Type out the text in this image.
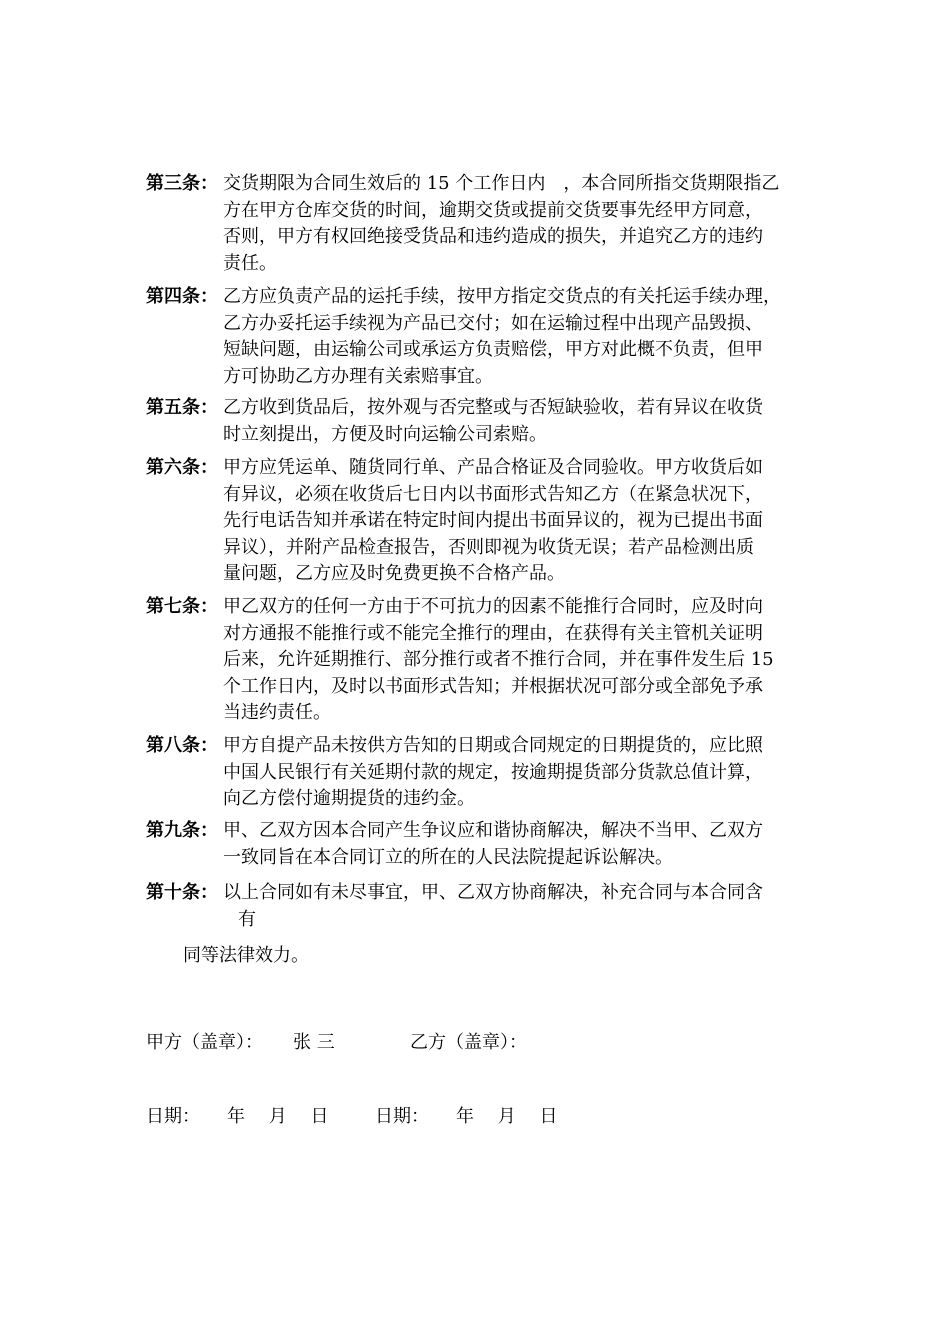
第三条： 交货期限为合同生效后的 15 个工作日内　，本合同所指交货期限指乙
方在甲方仓库交货的时间，逾期交货或提前交货要事先经甲方同意，
否则，甲方有权回绝接受货品和违约造成的损失，并追究乙方的违约
责任。
第四条： 乙方应负责产品的运托手续，按甲方指定交货点的有关托运手续办理，
乙方办妥托运手续视为产品已交付；如在运输过程中出现产品毁损、
短缺问题，由运输公司或承运方负责赔偿，甲方对此概不负责，但甲
方可协助乙方办理有关索赔事宜。
第五条： 乙方收到货品后，按外观与否完整或与否短缺验收，若有异议在收货
时立刻提出，方便及时向运输公司索赔。
第六条： 甲方应凭运单、随货同行单、产品合格证及合同验收。甲方收货后如
有异议，必须在收货后七日内以书面形式告知乙方（在紧急状况下，
先行电话告知并承诺在特定时间内提出书面异议的，视为已提出书面
异议），并附产品检查报告，否则即视为收货无误；若产品检测出质
量问题，乙方应及时免费更换不合格产品。
第七条： 甲乙双方的任何一方由于不可抗力的因素不能推行合同时，应及时向
对方通报不能推行或不能完全推行的理由，在获得有关主管机关证明
后来，允许延期推行、部分推行或者不推行合同，并在事件发生后 15
个工作日内，及时以书面形式告知；并根据状况可部分或全部免予承
当违约责任。
第八条： 甲方自提产品未按供方告知的日期或合同规定的日期提货的，应比照
中国人民银行有关延期付款的规定，按逾期提货部分货款总值计算，
向乙方偿付逾期提货的违约金。
第九条： 甲、乙双方因本合同产生争议应和谐协商解决，解决不当甲、乙双方
一致同旨在本合同订立的所在的人民法院提起诉讼解决。
第十条： 以上合同如有未尽事宜，甲、乙双方协商解决，补充合同与本合同含
有
同等法律效力。
甲方（盖章）： 张 三	乙方（盖章）：
日期：　　年　 月　 日	日期：　　年　 月　 日
